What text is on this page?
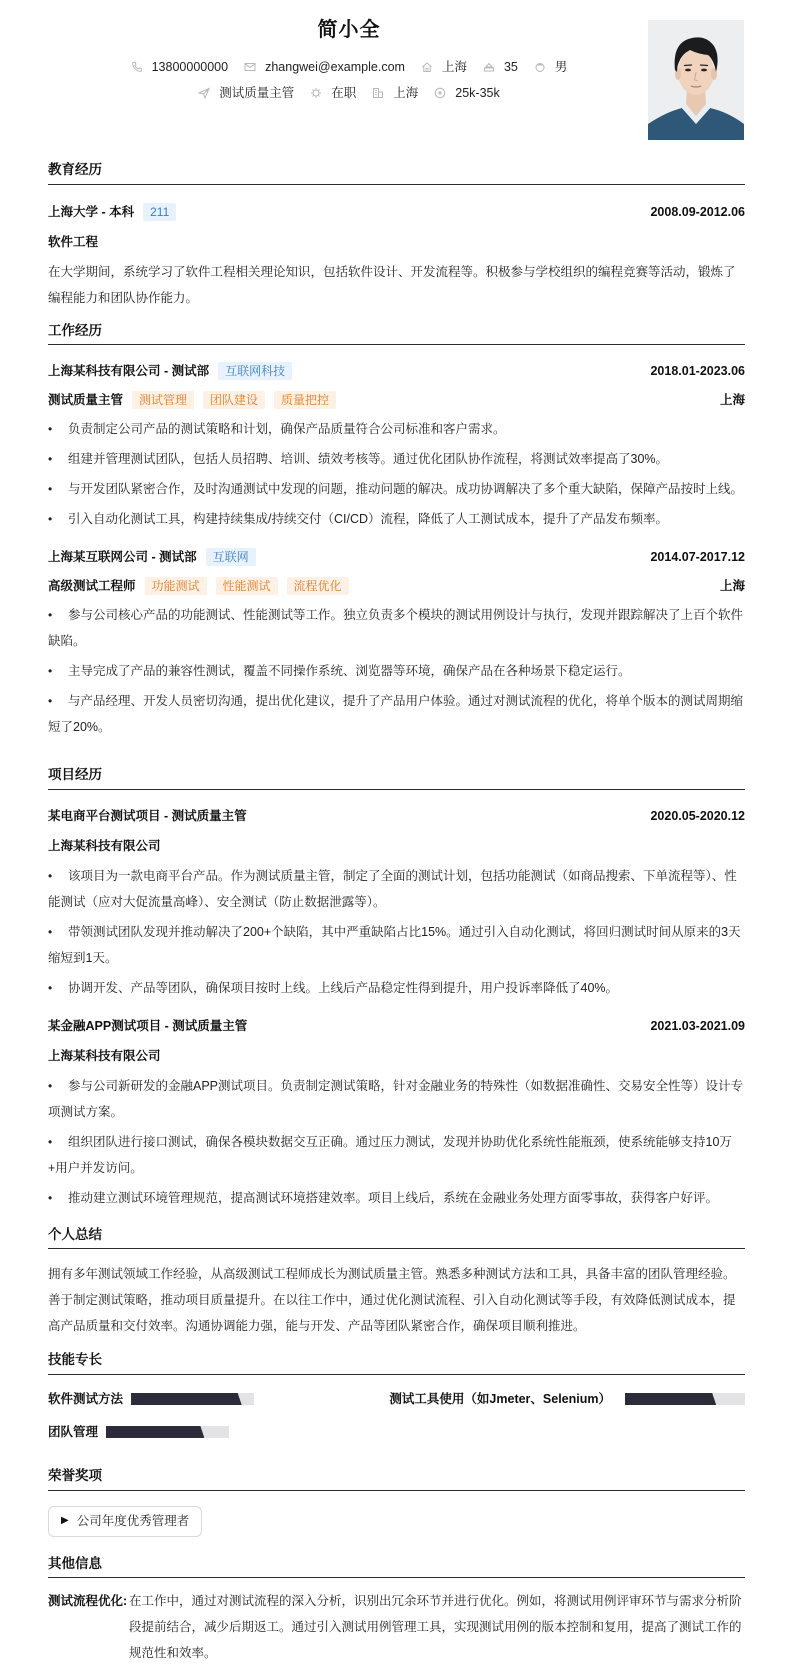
简小全
13800000000	zhangwei@example.com	上海	35	男
测试质量主管	在职	上海	25k-35k
教育经历
上海大学 - 本科	211	2008.09-2012.06
软件工程
在大学期间，系统学习了软件工程相关理论知识，包括软件设计、开发流程等。积极参与学校组织的编程竞赛等活动，锻炼了编程能力和团队协作能力。
工作经历
上海某科技有限公司 - 测试部	互联网科技	2018.01-2023.06
测试质量主管	测试管理	团队建设	质量把控	上海
• 负责制定公司产品的测试策略和计划，确保产品质量符合公司标准和客户需求。
• 组建并管理测试团队，包括人员招聘、培训、绩效考核等。通过优化团队协作流程，将测试效率提高了30%。
• 与开发团队紧密合作，及时沟通测试中发现的问题，推动问题的解决。成功协调解决了多个重大缺陷，保障产品按时上线。
• 引入自动化测试工具，构建持续集成/持续交付（CI/CD）流程，降低了人工测试成本，提升了产品发布频率。
上海某互联网公司 - 测试部	互联网	2014.07-2017.12
高级测试工程师	功能测试	性能测试	流程优化	上海
• 参与公司核心产品的功能测试、性能测试等工作。独立负责多个模块的测试用例设计与执行，发现并跟踪解决了上百个软件缺陷。
• 主导完成了产品的兼容性测试，覆盖不同操作系统、浏览器等环境，确保产品在各种场景下稳定运行。
• 与产品经理、开发人员密切沟通，提出优化建议，提升了产品用户体验。通过对测试流程的优化，将单个版本的测试周期缩短了20%。
项目经历
某电商平台测试项目 - 测试质量主管	2020.05-2020.12
上海某科技有限公司
• 该项目为一款电商平台产品。作为测试质量主管，制定了全面的测试计划，包括功能测试（如商品搜索、下单流程等）、性能测试（应对大促流量高峰）、安全测试（防止数据泄露等）。
• 带领测试团队发现并推动解决了200+个缺陷，其中严重缺陷占比15%。通过引入自动化测试，将回归测试时间从原来的3天缩短到1天。
• 协调开发、产品等团队，确保项目按时上线。上线后产品稳定性得到提升，用户投诉率降低了40%。
某金融APP测试项目 - 测试质量主管	2021.03-2021.09
上海某科技有限公司
• 参与公司新研发的金融APP测试项目。负责制定测试策略，针对金融业务的特殊性（如数据准确性、交易安全性等）设计专项测试方案。
• 组织团队进行接口测试，确保各模块数据交互正确。通过压力测试，发现并协助优化系统性能瓶颈，使系统能够支持10万+用户并发访问。
• 推动建立测试环境管理规范，提高测试环境搭建效率。项目上线后，系统在金融业务处理方面零事故，获得客户好评。
个人总结
拥有多年测试领域工作经验，从高级测试工程师成长为测试质量主管。熟悉多种测试方法和工具，具备丰富的团队管理经验。善于制定测试策略，推动项目质量提升。在以往工作中，通过优化测试流程、引入自动化测试等手段，有效降低测试成本，提高产品质量和交付效率。沟通协调能力强，能与开发、产品等团队紧密合作，确保项目顺利推进。
技能专长
软件测试方法	测试工具使用（如Jmeter、Selenium）
团队管理
荣誉奖项
▶ 公司年度优秀管理者
其他信息
测试流程优化: 在工作中，通过对测试流程的深入分析，识别出冗余环节并进行优化。例如，将测试用例评审环节与需求分析阶段提前结合，减少后期返工。通过引入测试用例管理工具，实现测试用例的版本控制和复用，提高了测试工作的规范性和效率。
